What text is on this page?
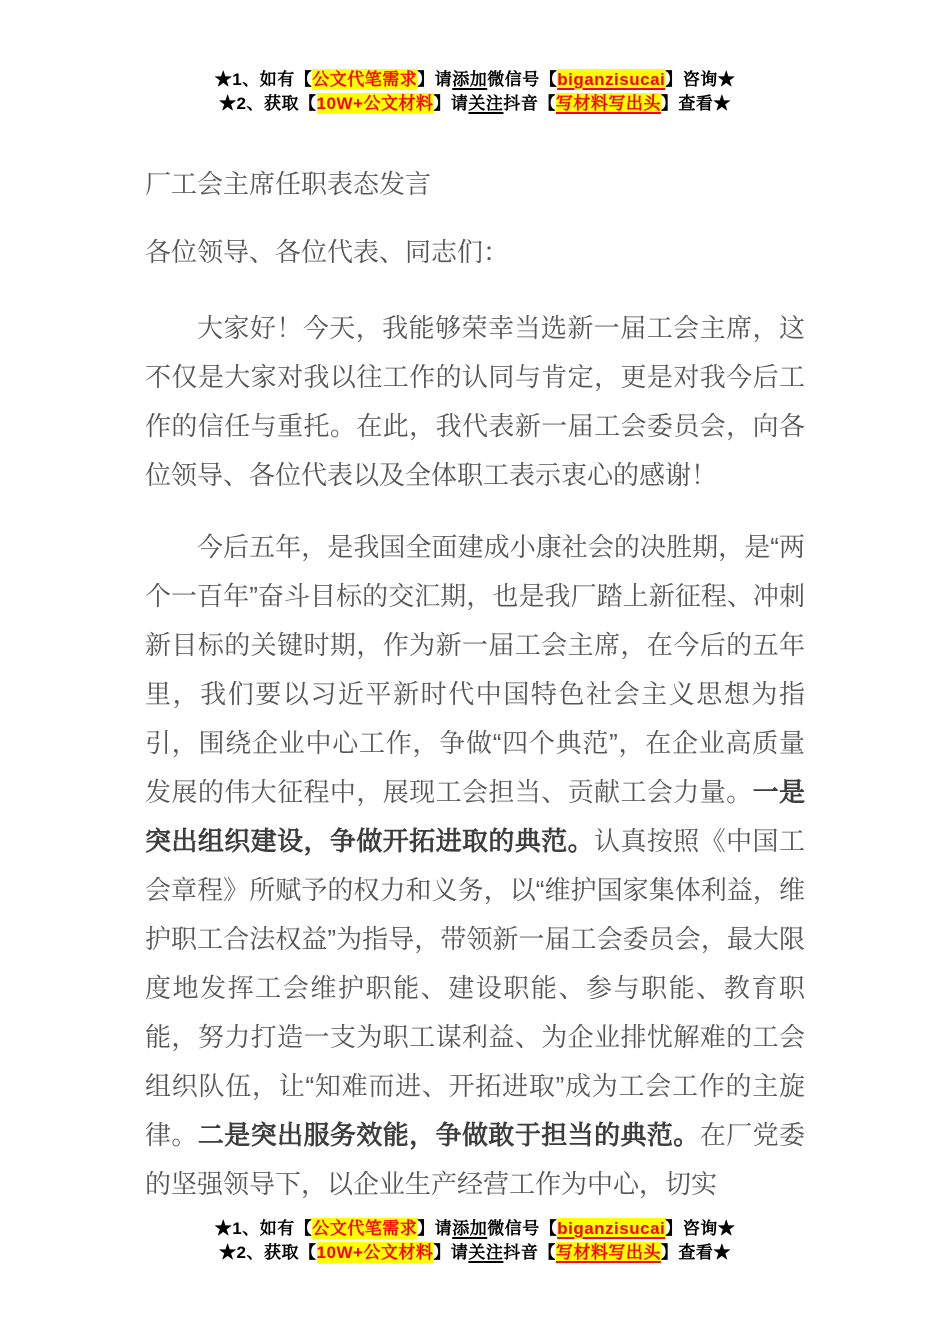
★1、如有【公文代笔需求】请添加微信号【biganzisucai】咨询★
★2、获取【10W+公文材料】请关注抖音【写材料写出头】查看★

厂工会主席任职表态发言

各位领导、各位代表、同志们：

大家好！今天，我能够荣幸当选新一届工会主席，这不仅是大家对我以往工作的认同与肯定，更是对我今后工作的信任与重托。在此，我代表新一届工会委员会，向各位领导、各位代表以及全体职工表示衷心的感谢！

今后五年，是我国全面建成小康社会的决胜期，是“两个一百年”奋斗目标的交汇期，也是我厂踏上新征程、冲刺新目标的关键时期，作为新一届工会主席，在今后的五年里，我们要以习近平新时代中国特色社会主义思想为指引，围绕企业中心工作，争做“四个典范”，在企业高质量发展的伟大征程中，展现工会担当、贡献工会力量。一是突出组织建设，争做开拓进取的典范。认真按照《中国工会章程》所赋予的权力和义务，以“维护国家集体利益，维护职工合法权益”为指导，带领新一届工会委员会，最大限度地发挥工会维护职能、建设职能、参与职能、教育职能，努力打造一支为职工谋利益、为企业排忧解难的工会组织队伍，让“知难而进、开拓进取”成为工会工作的主旋律。二是突出服务效能，争做敢于担当的典范。在厂党委的坚强领导下，以企业生产经营工作为中心，切实

★1、如有【公文代笔需求】请添加微信号【biganzisucai】咨询★
★2、获取【10W+公文材料】请关注抖音【写材料写出头】查看★
